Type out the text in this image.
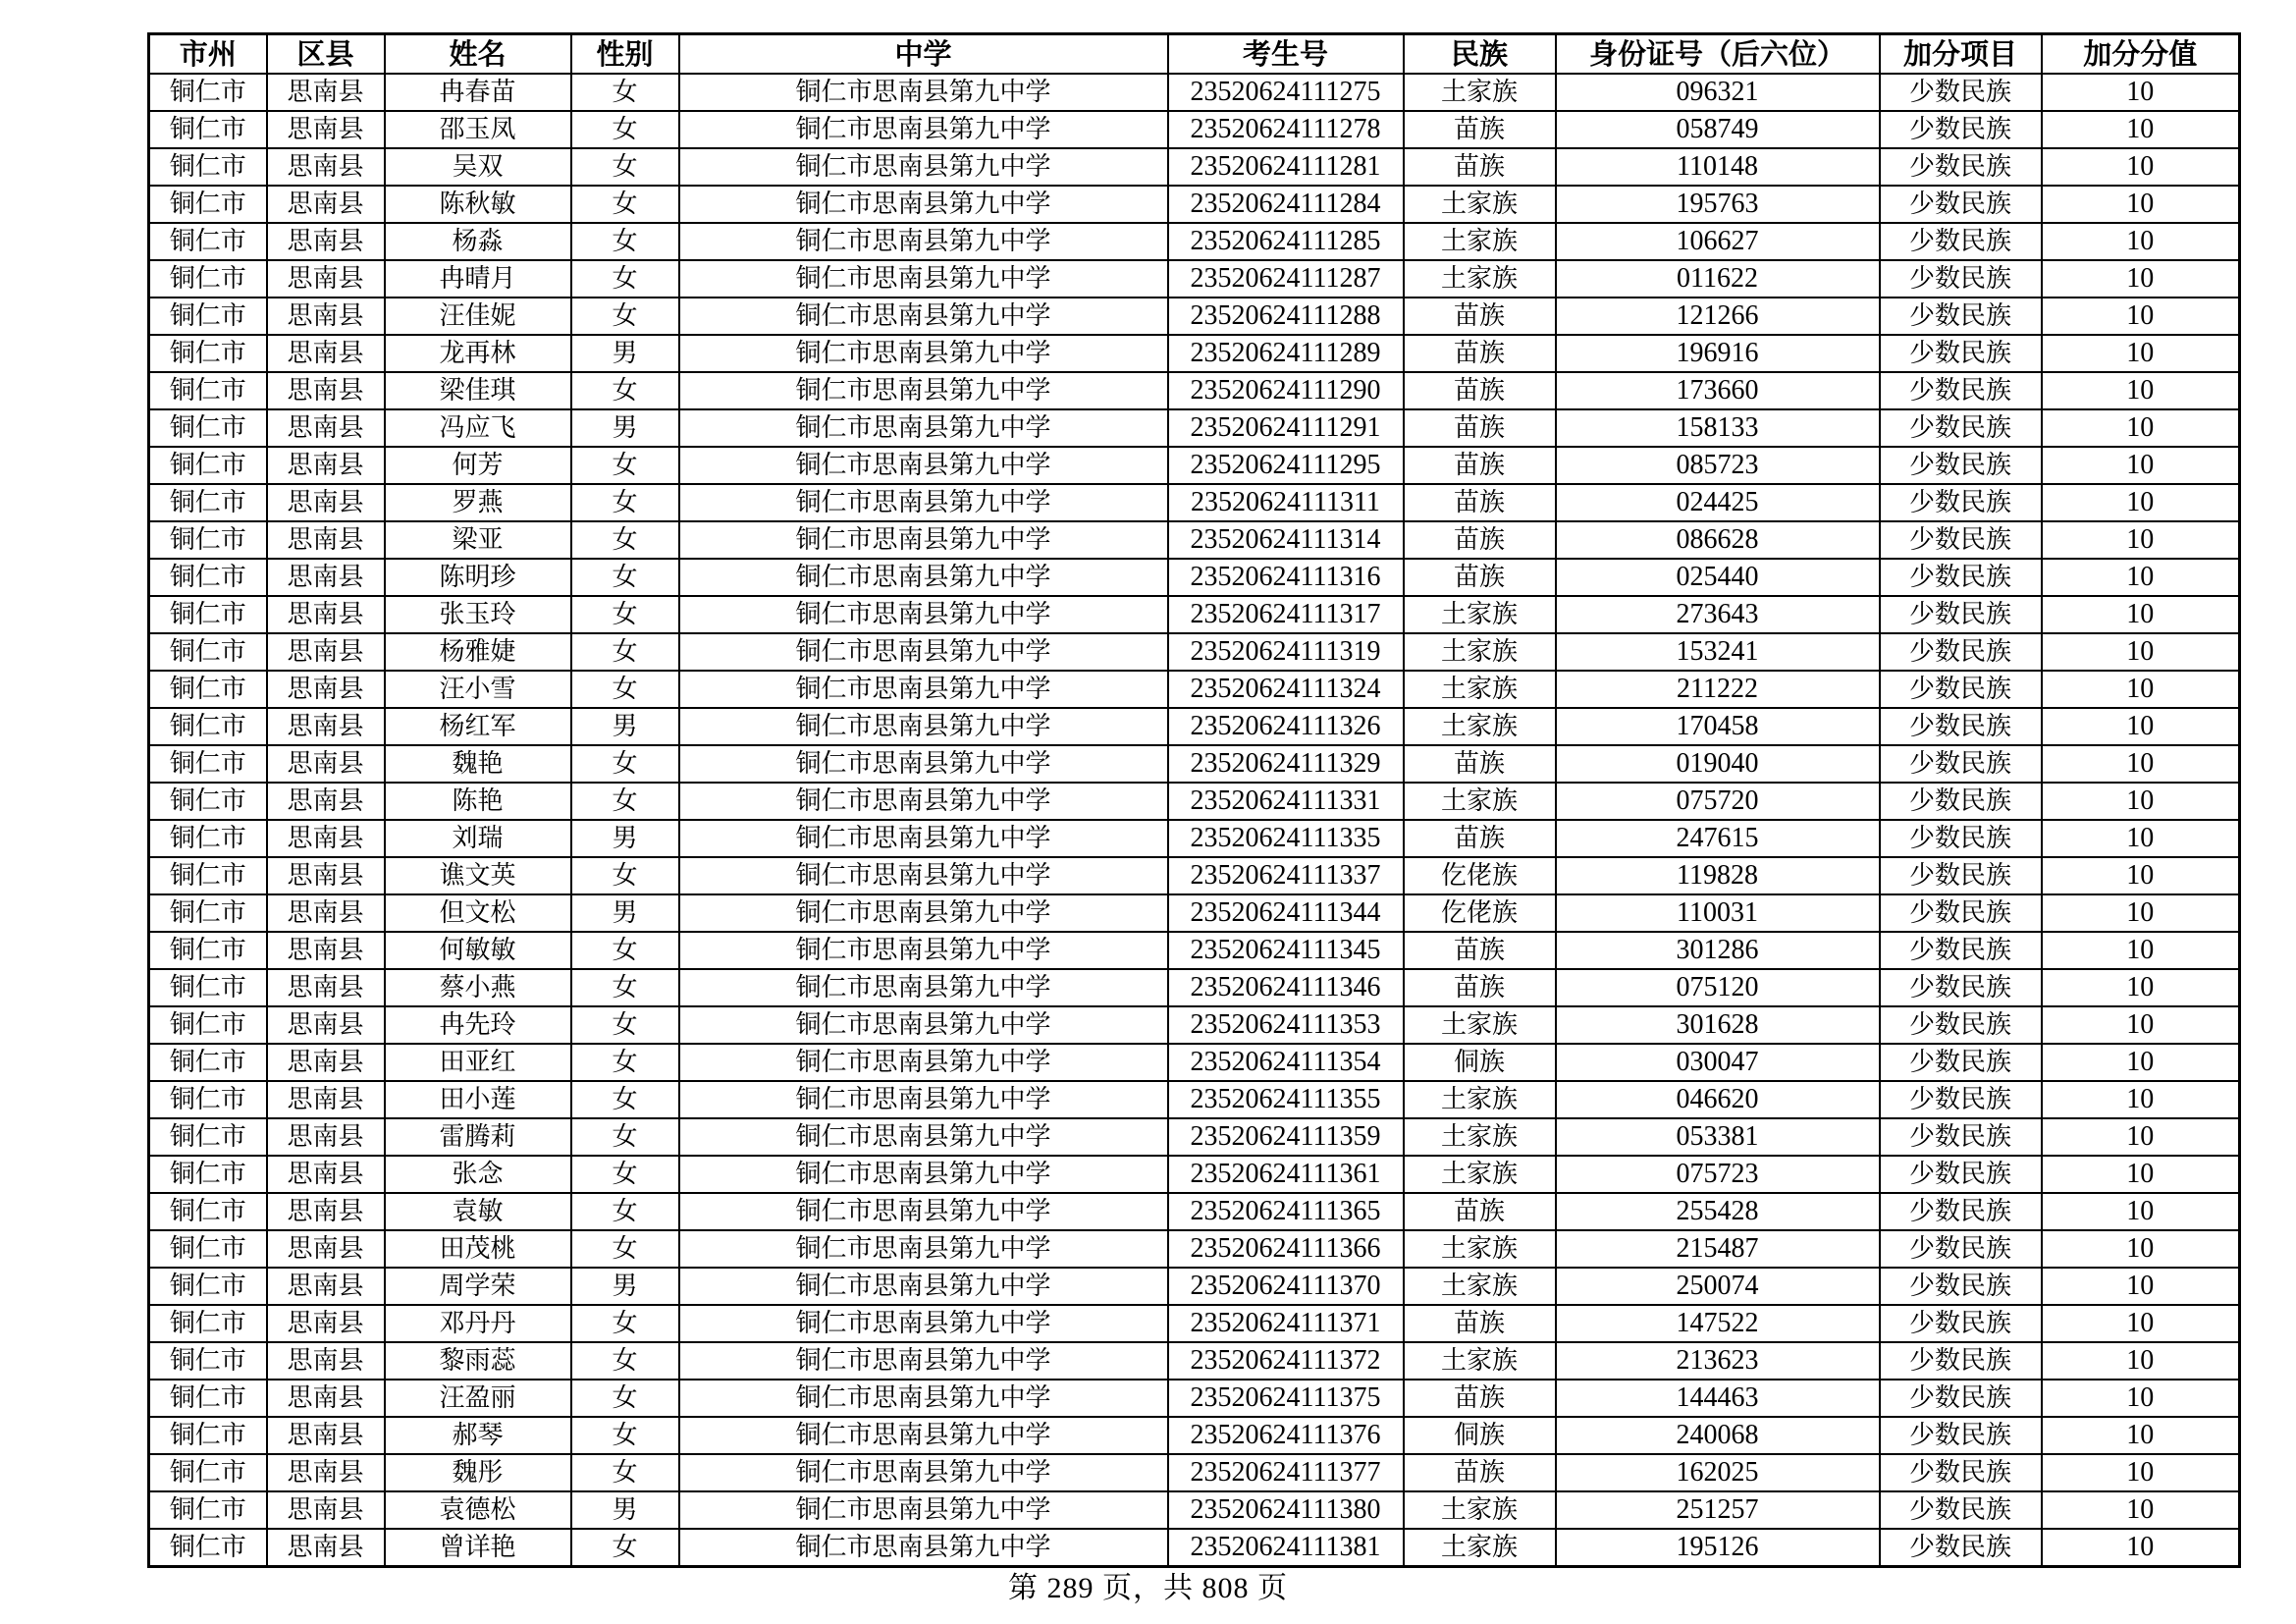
市州	区县	姓名	性别	中学	考生号	民族	身份证号（后六位）	加分项目	加分分值
铜仁市	思南县	冉春苗	女	铜仁市思南县第九中学	23520624111275	土家族	096321	少数民族	10
铜仁市	思南县	邵玉凤	女	铜仁市思南县第九中学	23520624111278	苗族	058749	少数民族	10
铜仁市	思南县	吴双	女	铜仁市思南县第九中学	23520624111281	苗族	110148	少数民族	10
铜仁市	思南县	陈秋敏	女	铜仁市思南县第九中学	23520624111284	土家族	195763	少数民族	10
铜仁市	思南县	杨淼	女	铜仁市思南县第九中学	23520624111285	土家族	106627	少数民族	10
铜仁市	思南县	冉晴月	女	铜仁市思南县第九中学	23520624111287	土家族	011622	少数民族	10
铜仁市	思南县	汪佳妮	女	铜仁市思南县第九中学	23520624111288	苗族	121266	少数民族	10
铜仁市	思南县	龙再林	男	铜仁市思南县第九中学	23520624111289	苗族	196916	少数民族	10
铜仁市	思南县	梁佳琪	女	铜仁市思南县第九中学	23520624111290	苗族	173660	少数民族	10
铜仁市	思南县	冯应飞	男	铜仁市思南县第九中学	23520624111291	苗族	158133	少数民族	10
铜仁市	思南县	何芳	女	铜仁市思南县第九中学	23520624111295	苗族	085723	少数民族	10
铜仁市	思南县	罗燕	女	铜仁市思南县第九中学	23520624111311	苗族	024425	少数民族	10
铜仁市	思南县	梁亚	女	铜仁市思南县第九中学	23520624111314	苗族	086628	少数民族	10
铜仁市	思南县	陈明珍	女	铜仁市思南县第九中学	23520624111316	苗族	025440	少数民族	10
铜仁市	思南县	张玉玲	女	铜仁市思南县第九中学	23520624111317	土家族	273643	少数民族	10
铜仁市	思南县	杨雅婕	女	铜仁市思南县第九中学	23520624111319	土家族	153241	少数民族	10
铜仁市	思南县	汪小雪	女	铜仁市思南县第九中学	23520624111324	土家族	211222	少数民族	10
铜仁市	思南县	杨红军	男	铜仁市思南县第九中学	23520624111326	土家族	170458	少数民族	10
铜仁市	思南县	魏艳	女	铜仁市思南县第九中学	23520624111329	苗族	019040	少数民族	10
铜仁市	思南县	陈艳	女	铜仁市思南县第九中学	23520624111331	土家族	075720	少数民族	10
铜仁市	思南县	刘瑞	男	铜仁市思南县第九中学	23520624111335	苗族	247615	少数民族	10
铜仁市	思南县	谯文英	女	铜仁市思南县第九中学	23520624111337	仡佬族	119828	少数民族	10
铜仁市	思南县	但文松	男	铜仁市思南县第九中学	23520624111344	仡佬族	110031	少数民族	10
铜仁市	思南县	何敏敏	女	铜仁市思南县第九中学	23520624111345	苗族	301286	少数民族	10
铜仁市	思南县	蔡小燕	女	铜仁市思南县第九中学	23520624111346	苗族	075120	少数民族	10
铜仁市	思南县	冉先玲	女	铜仁市思南县第九中学	23520624111353	土家族	301628	少数民族	10
铜仁市	思南县	田亚红	女	铜仁市思南县第九中学	23520624111354	侗族	030047	少数民族	10
铜仁市	思南县	田小莲	女	铜仁市思南县第九中学	23520624111355	土家族	046620	少数民族	10
铜仁市	思南县	雷腾莉	女	铜仁市思南县第九中学	23520624111359	土家族	053381	少数民族	10
铜仁市	思南县	张念	女	铜仁市思南县第九中学	23520624111361	土家族	075723	少数民族	10
铜仁市	思南县	袁敏	女	铜仁市思南县第九中学	23520624111365	苗族	255428	少数民族	10
铜仁市	思南县	田茂桃	女	铜仁市思南县第九中学	23520624111366	土家族	215487	少数民族	10
铜仁市	思南县	周学荣	男	铜仁市思南县第九中学	23520624111370	土家族	250074	少数民族	10
铜仁市	思南县	邓丹丹	女	铜仁市思南县第九中学	23520624111371	苗族	147522	少数民族	10
铜仁市	思南县	黎雨蕊	女	铜仁市思南县第九中学	23520624111372	土家族	213623	少数民族	10
铜仁市	思南县	汪盈丽	女	铜仁市思南县第九中学	23520624111375	苗族	144463	少数民族	10
铜仁市	思南县	郝琴	女	铜仁市思南县第九中学	23520624111376	侗族	240068	少数民族	10
铜仁市	思南县	魏彤	女	铜仁市思南县第九中学	23520624111377	苗族	162025	少数民族	10
铜仁市	思南县	袁德松	男	铜仁市思南县第九中学	23520624111380	土家族	251257	少数民族	10
铜仁市	思南县	曾详艳	女	铜仁市思南县第九中学	23520624111381	土家族	195126	少数民族	10
第 289 页，共 808 页
